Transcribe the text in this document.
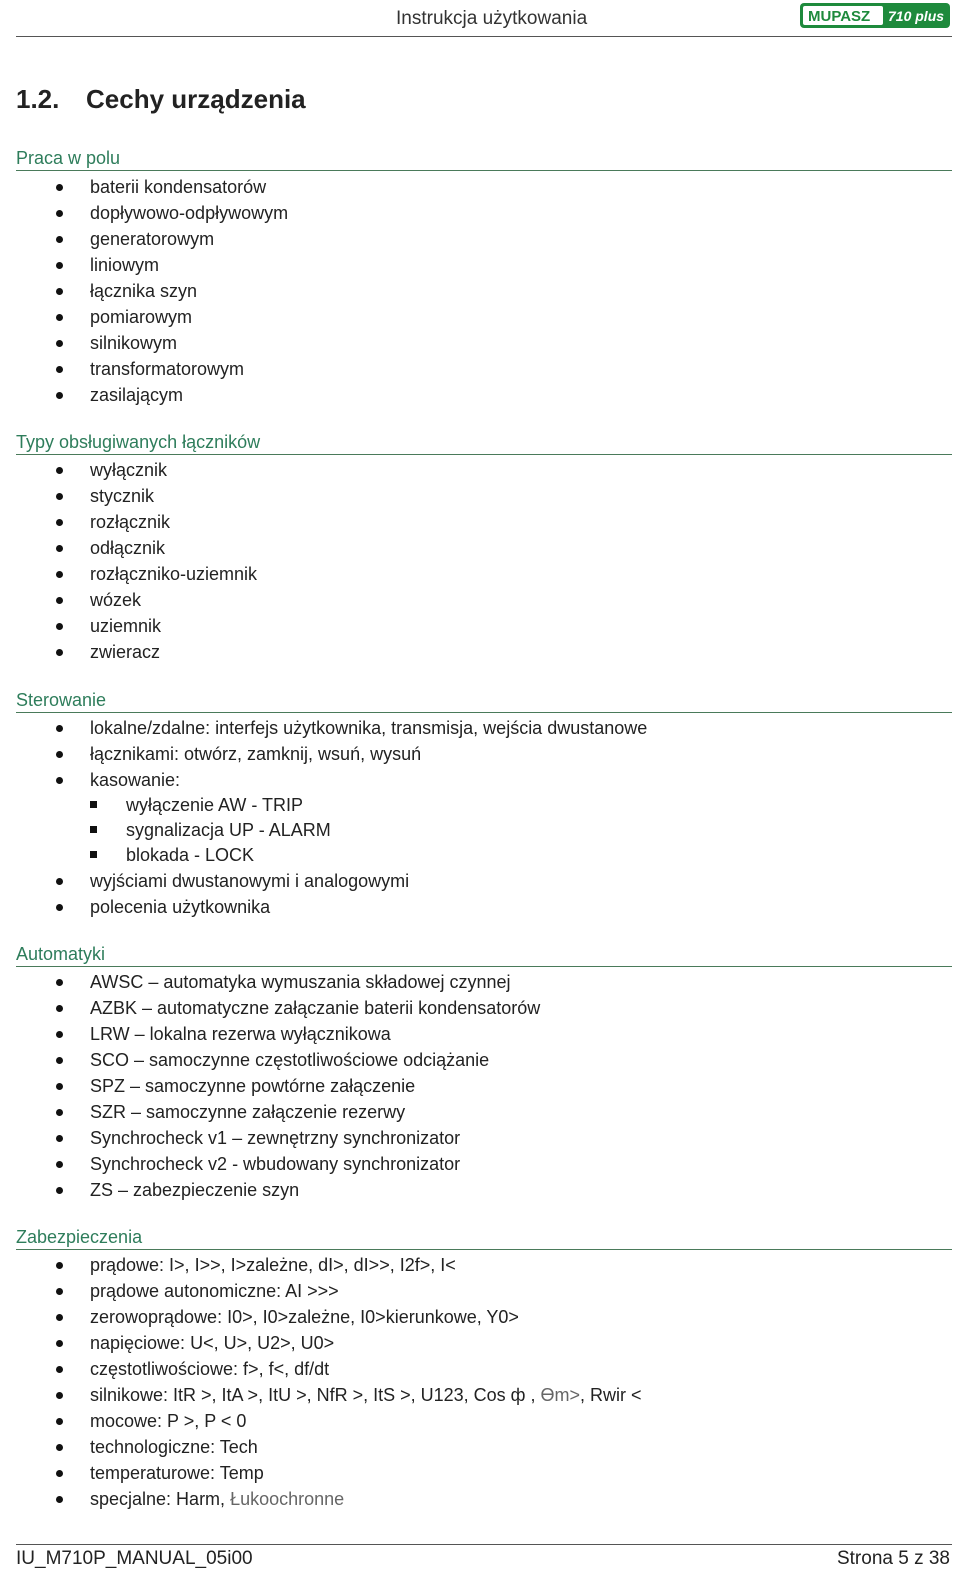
Instrukcja użytkowania	MUPASZ 710 plus
1.2. Cechy urządzenia
Praca w polu
baterii kondensatorów
dopływowo-odpływowym
generatorowym
liniowym
łącznika szyn
pomiarowym
silnikowym
transformatorowym
zasilającym
Typy obsługiwanych łączników
wyłącznik
stycznik
rozłącznik
odłącznik
rozłączniko-uziemnik
wózek
uziemnik
zwieracz
Sterowanie
lokalne/zdalne: interfejs użytkownika, transmisja, wejścia dwustanowe
łącznikami: otwórz, zamknij, wsuń, wysuń
kasowanie:
wyłączenie AW - TRIP
sygnalizacja UP - ALARM
blokada - LOCK
wyjściami dwustanowymi i analogowymi
polecenia użytkownika
Automatyki
AWSC – automatyka wymuszania składowej czynnej
AZBK – automatyczne załączanie baterii kondensatorów
LRW – lokalna rezerwa wyłącznikowa
SCO – samoczynne częstotliwościowe odciążanie
SPZ – samoczynne powtórne załączenie
SZR – samoczynne załączenie rezerwy
Synchrocheck v1 – zewnętrzny synchronizator
Synchrocheck v2 - wbudowany synchronizator
ZS – zabezpieczenie szyn
Zabezpieczenia
prądowe: I>, I>>, I>zależne, dI>, dI>>, I2f>, I<
prądowe autonomiczne: AI >>>
zerowoprądowe: I0>, I0>zależne, I0>kierunkowe, Y0>
napięciowe: U<, U>, U2>, U0>
częstotliwościowe: f>, f<, df/dt
silnikowe: ItR >, ItA >, ItU >, NfR >, ItS >, U123, Cos ф , Өm>, Rwir <
mocowe: P >, P < 0
technologiczne: Tech
temperaturowe: Temp
specjalne: Harm, Łukoochronne
IU_M710P_MANUAL_05i00	Strona 5 z 38
